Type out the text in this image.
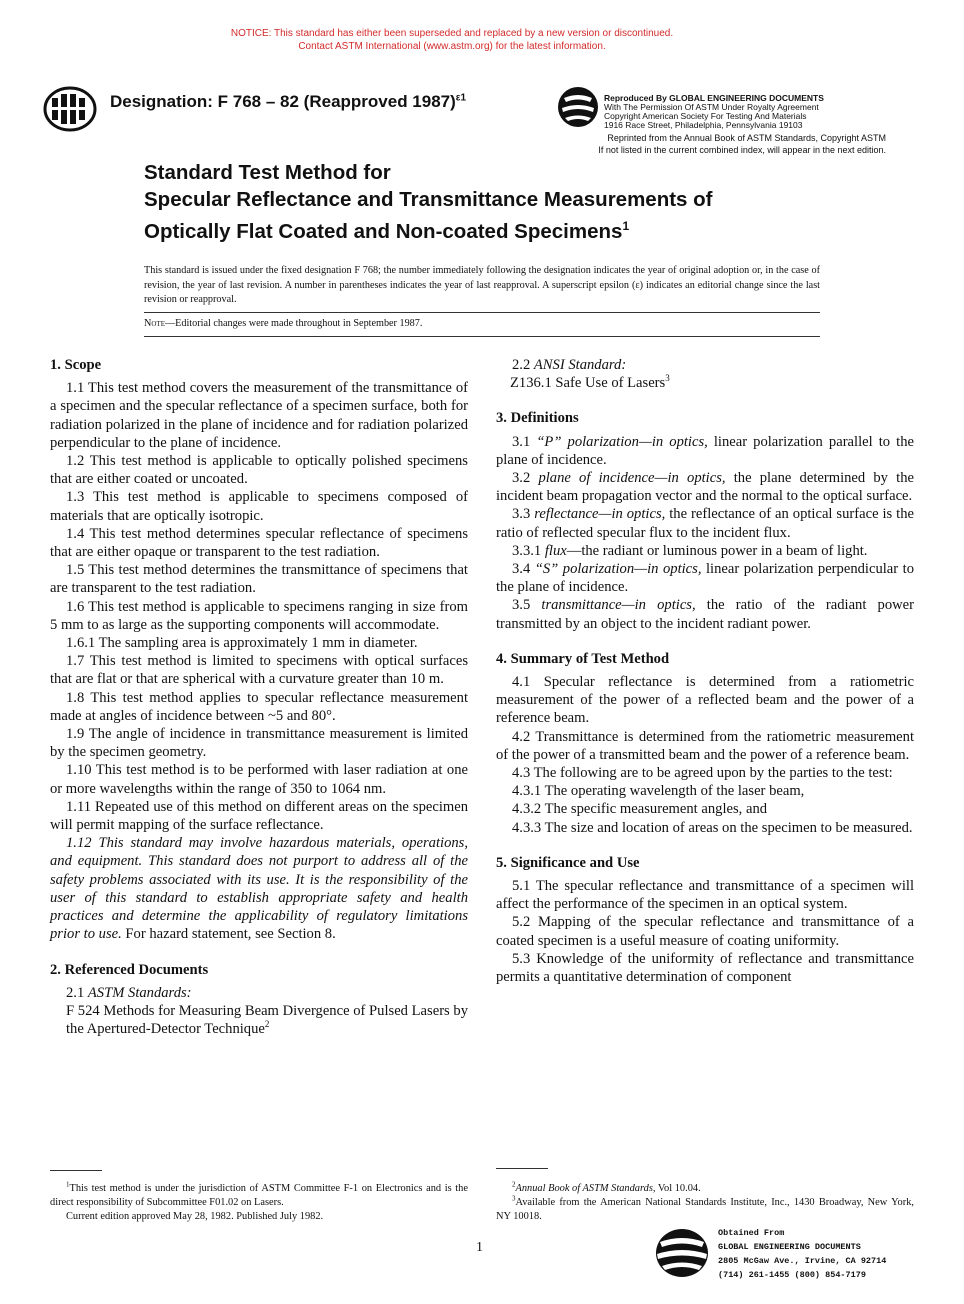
NOTICE: This standard has either been superseded and replaced by a new version or discontinued.
Contact ASTM International (www.astm.org) for the latest information.
Designation: F 768 – 82 (Reapproved 1987)$^{\varepsilon 1}$	Reproduced By GLOBAL ENGINEERING DOCUMENTS
With The Permission Of ASTM Under Royalty Agreement
Copyright American Society For Testing And Materials
1916 Race Street, Philadelphia, Pennsylvania 19103
Reprinted from the Annual Book of ASTM Standards, Copyright ASTM
If not listed in the current combined index, will appear in the next edition.
Standard Test Method for
Specular Reflectance and Transmittance Measurements of
Optically Flat Coated and Non-coated Specimens$^1$
This standard is issued under the fixed designation F 768; the number immediately following the designation indicates the year of original adoption or, in the case of revision, the year of last revision. A number in parentheses indicates the year of last reapproval. A superscript epsilon (ε) indicates an editorial change since the last revision or reapproval.
Note—Editorial changes were made throughout in September 1987.
1. Scope

1.1 This test method covers the measurement of the transmittance of a specimen and the specular reflectance of a specimen surface, both for radiation polarized in the plane of incidence and for radiation polarized perpendicular to the plane of incidence.

1.2 This test method is applicable to optically polished specimens that are either coated or uncoated.

1.3 This test method is applicable to specimens composed of materials that are optically isotropic.

1.4 This test method determines specular reflectance of specimens that are either opaque or transparent to the test radiation.

1.5 This test method determines the transmittance of specimens that are transparent to the test radiation.

1.6 This test method is applicable to specimens ranging in size from 5 mm to as large as the supporting components will accommodate.

1.6.1 The sampling area is approximately 1 mm in diameter.

1.7 This test method is limited to specimens with optical surfaces that are flat or that are spherical with a curvature greater than 10 m.

1.8 This test method applies to specular reflectance measurement made at angles of incidence between ~5 and 80°.

1.9 The angle of incidence in transmittance measurement is limited by the specimen geometry.

1.10 This test method is to be performed with laser radiation at one or more wavelengths within the range of 350 to 1064 nm.

1.11 Repeated use of this method on different areas on the specimen will permit mapping of the surface reflectance.

1.12 This standard may involve hazardous materials, operations, and equipment. This standard does not purport to address all of the safety problems associated with its use. It is the responsibility of the user of this standard to establish appropriate safety and health practices and determine the applicability of regulatory limitations prior to use. For hazard statement, see Section 8.

2. Referenced Documents

2.1 ASTM Standards:

F 524 Methods for Measuring Beam Divergence of Pulsed Lasers by the Apertured-Detector Technique$^2$

2.2 ANSI Standard:

Z136.1 Safe Use of Lasers$^3$

3. Definitions

3.1 “P” polarization—in optics, linear polarization parallel to the plane of incidence.

3.2 plane of incidence—in optics, the plane determined by the incident beam propagation vector and the normal to the optical surface.

3.3 reflectance—in optics, the reflectance of an optical surface is the ratio of reflected specular flux to the incident flux.

3.3.1 flux—the radiant or luminous power in a beam of light.

3.4 “S” polarization—in optics, linear polarization perpendicular to the plane of incidence.

3.5 transmittance—in optics, the ratio of the radiant power transmitted by an object to the incident radiant power.

4. Summary of Test Method

4.1 Specular reflectance is determined from a ratiometric measurement of the power of a reflected beam and the power of a reference beam.

4.2 Transmittance is determined from the ratiometric measurement of the power of a transmitted beam and the power of a reference beam.

4.3 The following are to be agreed upon by the parties to the test:

4.3.1 The operating wavelength of the laser beam,

4.3.2 The specific measurement angles, and

4.3.3 The size and location of areas on the specimen to be measured.

5. Significance and Use

5.1 The specular reflectance and transmittance of a specimen will affect the performance of the specimen in an optical system.

5.2 Mapping of the specular reflectance and transmittance of a coated specimen is a useful measure of coating uniformity.

5.3 Knowledge of the uniformity of reflectance and transmittance permits a quantitative determination of component

$^1$This test method is under the jurisdiction of ASTM Committee F-1 on Electronics and is the direct responsibility of Subcommittee F01.02 on Lasers.

Current edition approved May 28, 1982. Published July 1982.

$^2$Annual Book of ASTM Standards, Vol 10.04.

$^3$Available from the American National Standards Institute, Inc., 1430 Broadway, New York, NY 10018.

1
Obtained From
GLOBAL ENGINEERING DOCUMENTS
2805 McGaw Ave., Irvine, CA 92714
(714) 261-1455 (800) 854-7179
